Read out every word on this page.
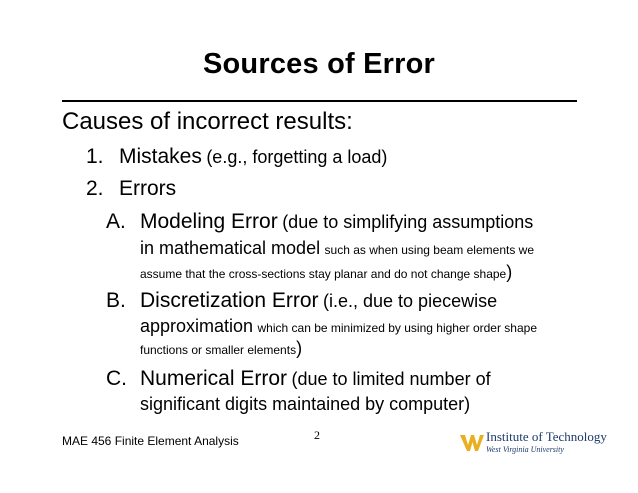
Sources of Error
Causes of incorrect results:
1. Mistakes (e.g., forgetting a load)
2. Errors
A. Modeling Error (due to simplifying assumptions
in mathematical model such as when using beam elements we
assume that the cross-sections stay planar and do not change shape)
B. Discretization Error (i.e., due to piecewise
approximation which can be minimized by using higher order shape
functions or smaller elements)
C. Numerical Error (due to limited number of
significant digits maintained by computer)
MAE 456 Finite Element Analysis	2	Institute of Technology
West Virginia University
